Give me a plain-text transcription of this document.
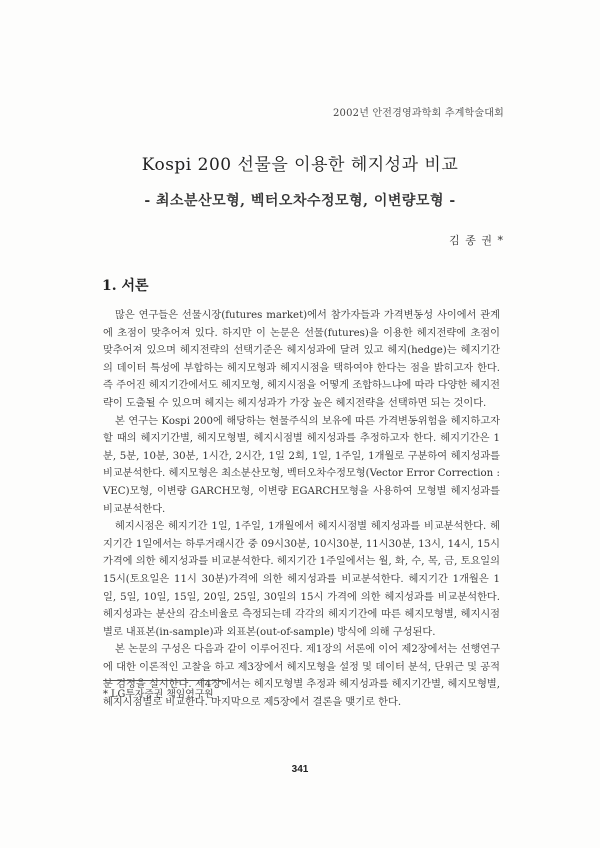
2002년 안전경영과학회 추계학술대회
Kospi 200 선물을 이용한 헤지성과 비교
- 최소분산모형, 벡터오차수정모형, 이변량모형 -
김 종 권 *
1. 서론

많은 연구들은 선물시장(futures market)에서 참가자들과 가격변동성 사이에서 관계에 초점이 맞추어져 있다. 하지만 이 논문은 선물(futures)을 이용한 헤지전략에 초점이 맞추어져 있으며 헤지전략의 선택기준은 헤지성과에 달려 있고 헤지(hedge)는 헤지기간의 데이터 특성에 부합하는 헤지모형과 헤지시점을 택하여야 한다는 점을 밝히고자 한다. 즉 주어진 헤지기간에서도 헤지모형, 헤지시점을 어떻게 조합하느냐에 따라 다양한 헤지전략이 도출될 수 있으며 헤지는 헤지성과가 가장 높은 헤지전략을 선택하면 되는 것이다.

본 연구는 Kospi 200에 해당하는 현물주식의 보유에 따른 가격변동위험을 헤지하고자 할 때의 헤지기간별, 헤지모형별, 헤지시점별 헤지성과를 추정하고자 한다. 헤지기간은 1분, 5분, 10분, 30분, 1시간, 2시간, 1일 2회, 1일, 1주일, 1개월로 구분하여 헤지성과를 비교분석한다. 헤지모형은 최소분산모형, 벡터오차수정모형(Vector Error Correction : VEC)모형, 이변량 GARCH모형, 이변량 EGARCH모형을 사용하여 모형별 헤지성과를 비교분석한다.

헤지시점은 헤지기간 1일, 1주일, 1개월에서 헤지시점별 헤지성과를 비교분석한다. 헤지기간 1일에서는 하루거래시간 중 09시30분, 10시30분, 11시30분, 13시, 14시, 15시 가격에 의한 헤지성과를 비교분석한다. 헤지기간 1주일에서는 월, 화, 수, 목, 금, 토요일의 15시(토요일은 11시 30분)가격에 의한 헤지성과를 비교분석한다. 헤지기간 1개월은 1일, 5일, 10일, 15일, 20일, 25일, 30일의 15시 가격에 의한 헤지성과를 비교분석한다. 헤지성과는 분산의 감소비율로 측정되는데 각각의 헤지기간에 따른 헤지모형별, 헤지시점별로 내표본(in-sample)과 외표본(out-of-sample) 방식에 의해 구성된다.

본 논문의 구성은 다음과 같이 이루어진다. 제1장의 서론에 이어 제2장에서는 선행연구에 대한 이론적인 고찰을 하고 제3장에서 헤지모형을 설정 및 데이터 분석, 단위근 및 공적분 검정을 실시한다. 제4장에서는 헤지모형별 추정과 헤지성과를 헤지기간별, 헤지모형별, 헤지시점별로 비교한다. 마지막으로 제5장에서 결론을 맺기로 한다.

* LG투자증권 책임연구원
341
